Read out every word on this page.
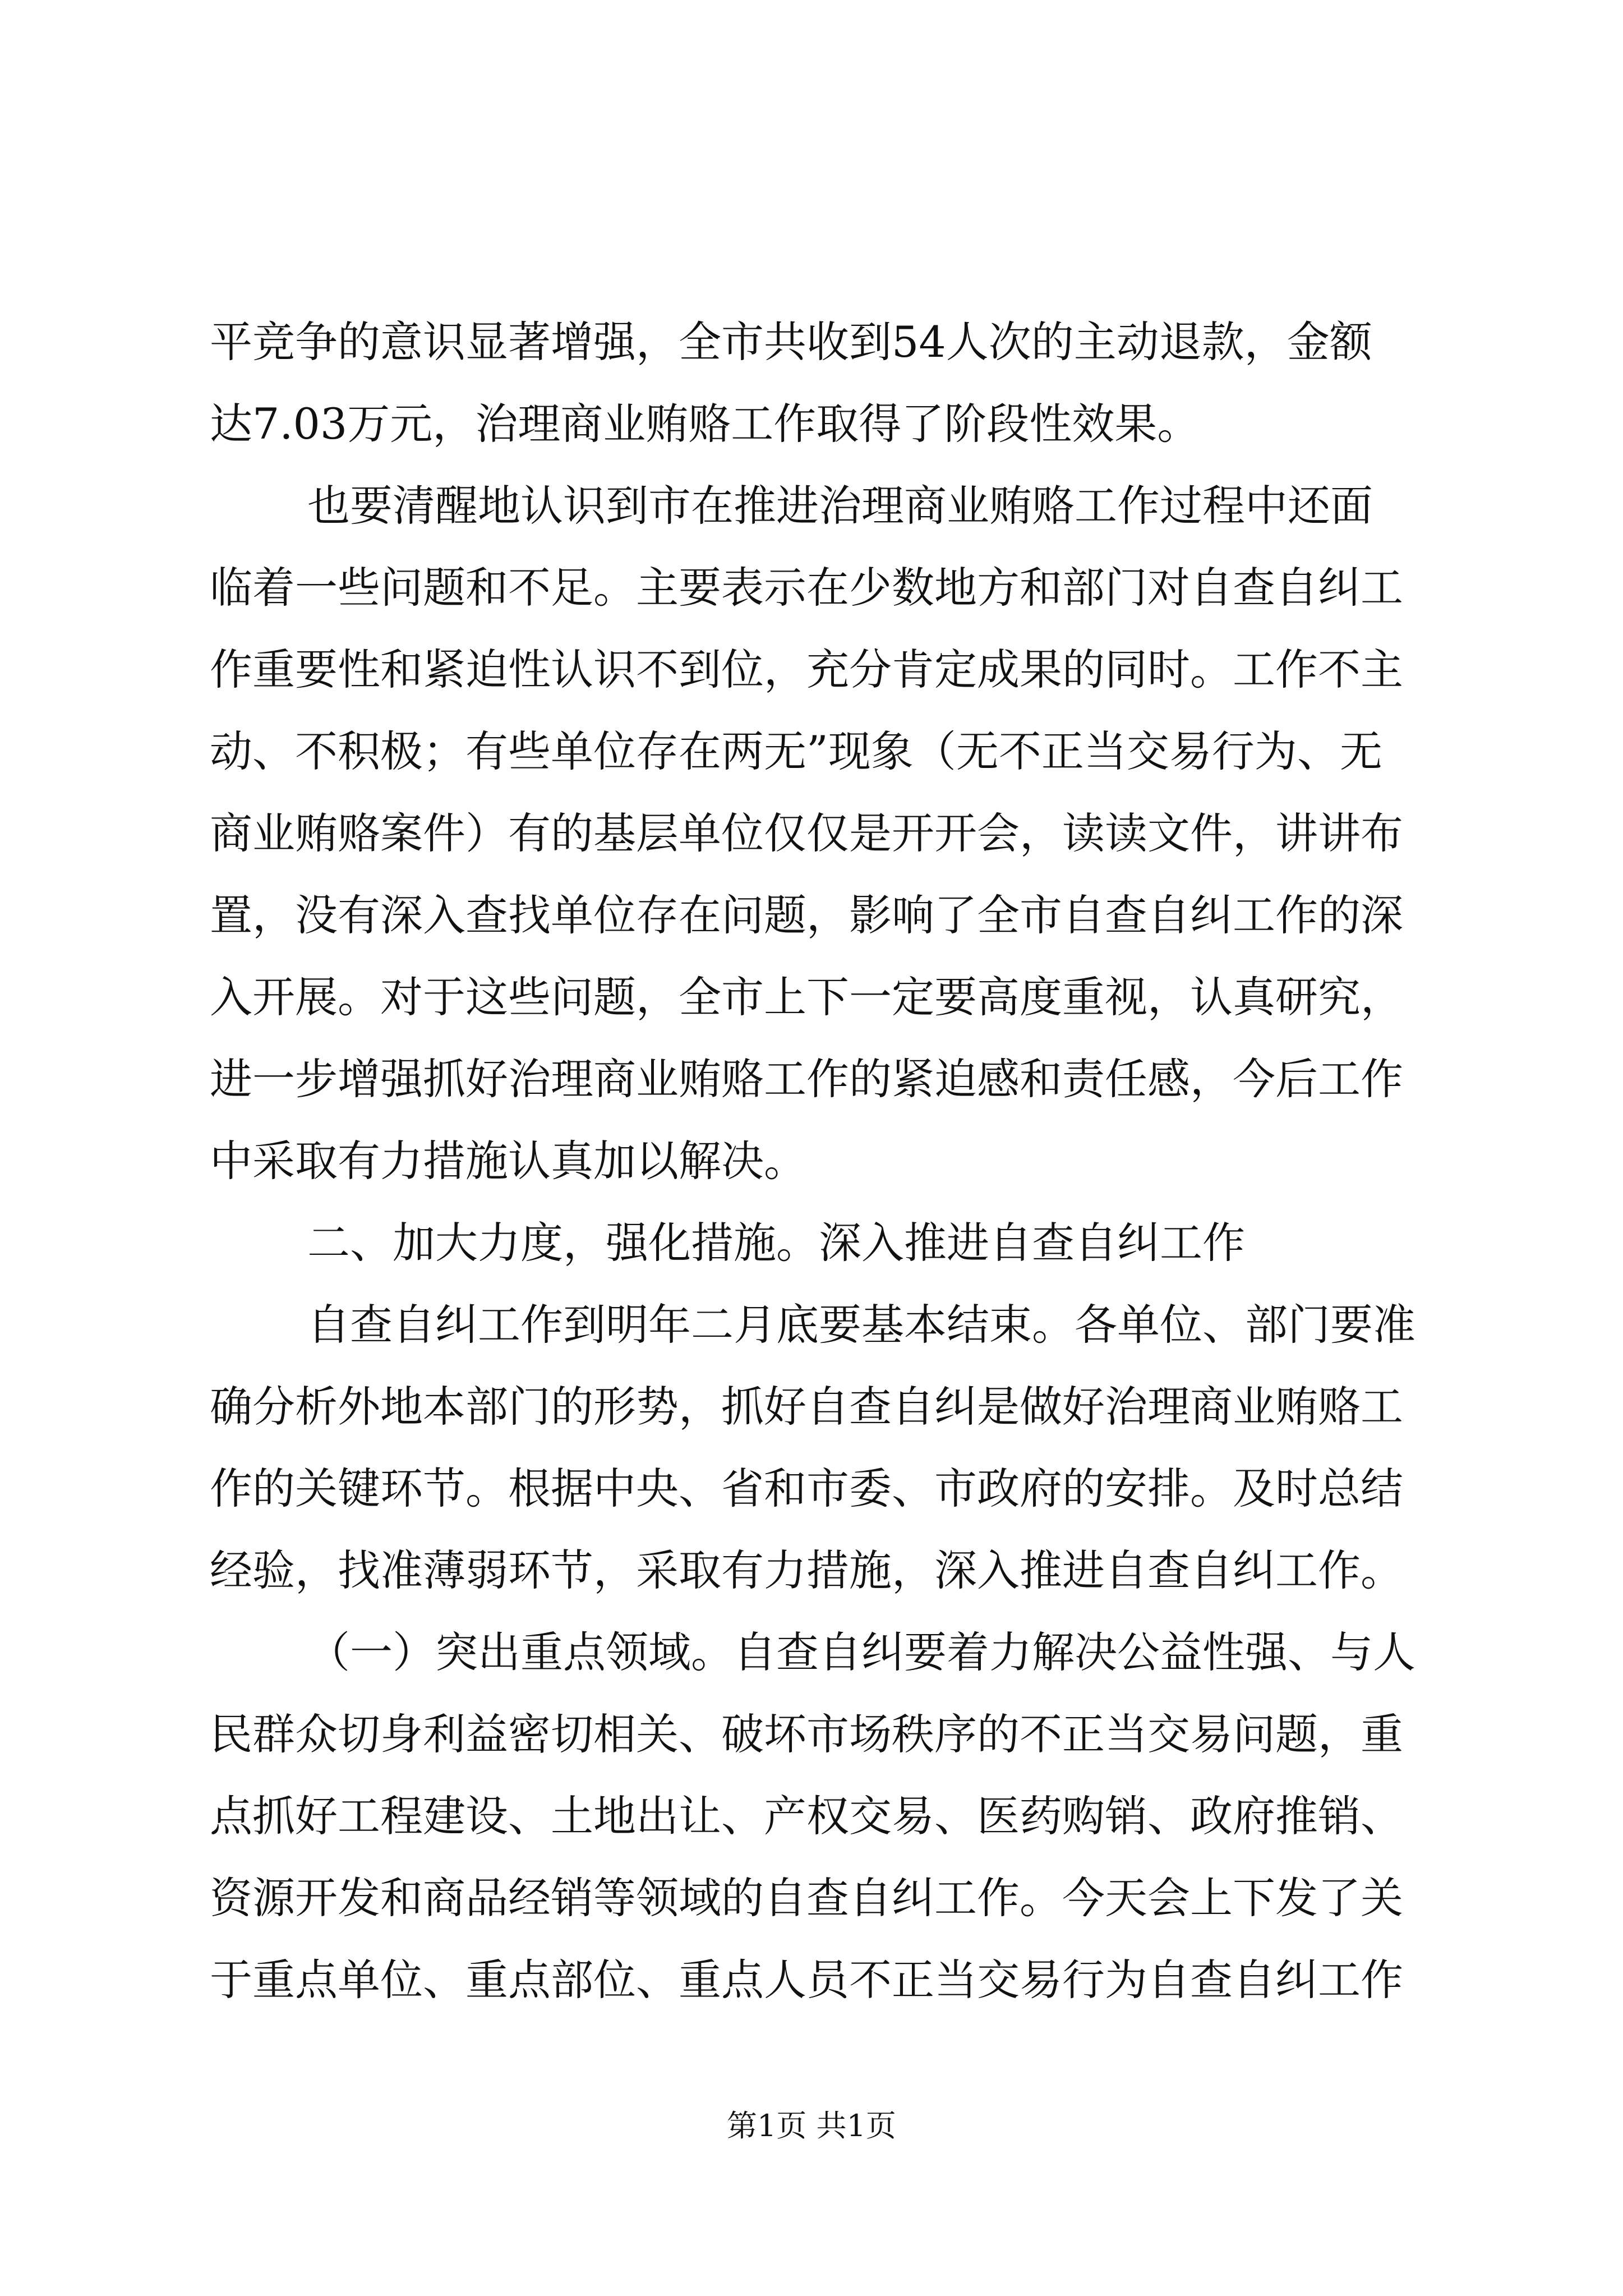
平竞争的意识显著增强，全市共收到54人次的主动退款，金额
达7.03万元，治理商业贿赂工作取得了阶段性效果。
也要清醒地认识到市在推进治理商业贿赂工作过程中还面
临着一些问题和不足。主要表示在少数地方和部门对自查自纠工
作重要性和紧迫性认识不到位，充分肯定成果的同时。工作不主
动、不积极；有些单位存在两无”现象（无不正当交易行为、无
商业贿赂案件）有的基层单位仅仅是开开会，读读文件，讲讲布
置，没有深入查找单位存在问题，影响了全市自查自纠工作的深
入开展。对于这些问题，全市上下一定要高度重视，认真研究，
进一步增强抓好治理商业贿赂工作的紧迫感和责任感，今后工作
中采取有力措施认真加以解决。
二、加大力度，强化措施。深入推进自查自纠工作
自查自纠工作到明年二月底要基本结束。各单位、部门要准
确分析外地本部门的形势，抓好自查自纠是做好治理商业贿赂工
作的关键环节。根据中央、省和市委、市政府的安排。及时总结
经验，找准薄弱环节，采取有力措施，深入推进自查自纠工作。
（一）突出重点领域。自查自纠要着力解决公益性强、与人
民群众切身利益密切相关、破坏市场秩序的不正当交易问题，重
点抓好工程建设、土地出让、产权交易、医药购销、政府推销、
资源开发和商品经销等领域的自查自纠工作。今天会上下发了关
于重点单位、重点部位、重点人员不正当交易行为自查自纠工作
第1页 共1页
